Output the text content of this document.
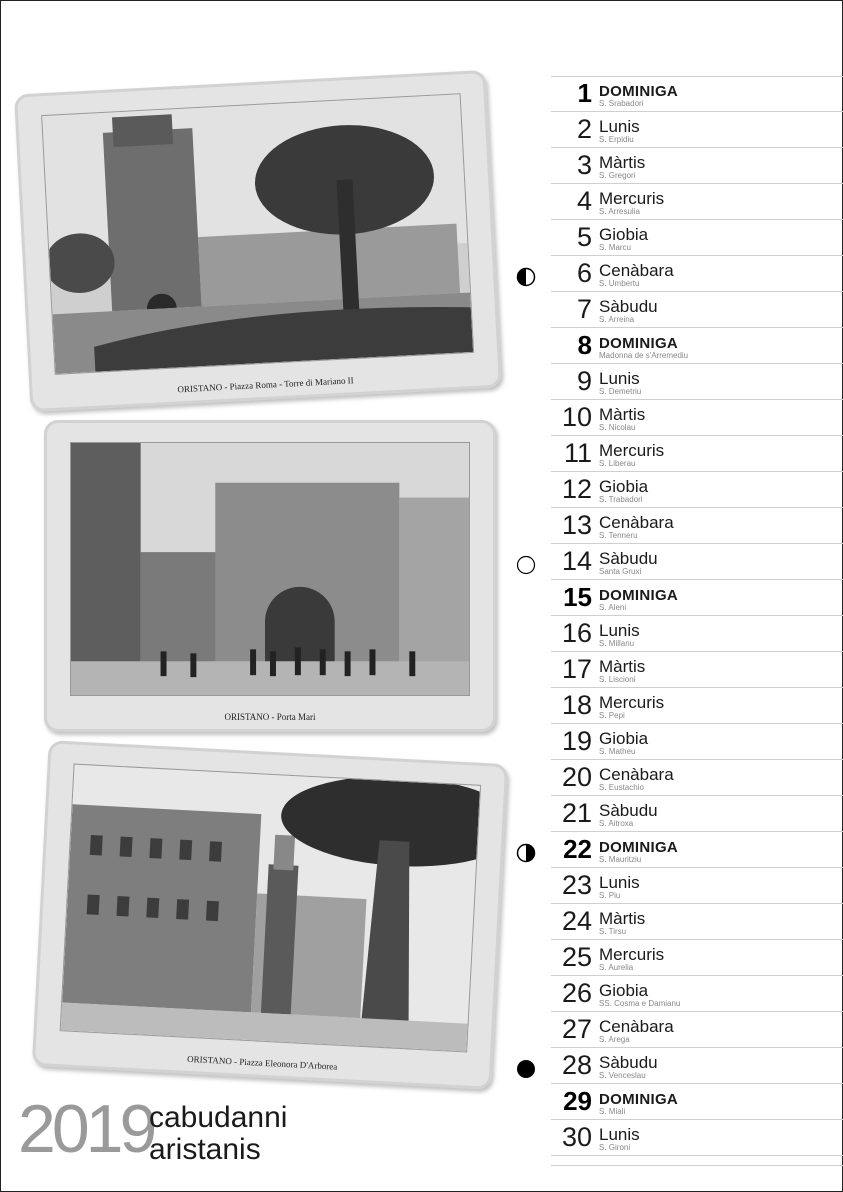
ORISTANO - Piazza Roma - Torre di Mariano II
ORISTANO - Porta Mari
ORISTANO - Piazza Eleonora D'Arborea
2019
cabudanni
aristanis
1 DOMINIGA
S. Srabadori
2 Lunis
S. Erpidiu
3 Màrtis
S. Gregori
4 Mercuris
S. Arresulia
5 Giobia
S. Marcu
6 Cenàbara
S. Umbertu
7 Sàbudu
S. Arreina
8 DOMINIGA
Madonna de s'Arremediu
9 Lunis
S. Demetriu
10 Màrtis
S. Nicolau
11 Mercuris
S. Liberau
12 Giobia
S. Trabadori
13 Cenàbara
S. Tenneru
14 Sàbudu
Santa Gruxi
15 DOMINIGA
S. Aleni
16 Lunis
S. Millanu
17 Màrtis
S. Liscioni
18 Mercuris
S. Pepi
19 Giobia
S. Matheu
20 Cenàbara
S. Eustachio
21 Sàbudu
S. Aitroxa
22 DOMINIGA
S. Mauritziu
23 Lunis
S. Piu
24 Màrtis
S. Tirsu
25 Mercuris
S. Aurelia
26 Giobia
SS. Cosma e Damianu
27 Cenàbara
S. Arega
28 Sàbudu
S. Venceslau
29 DOMINIGA
S. Miali
30 Lunis
S. Gironi
